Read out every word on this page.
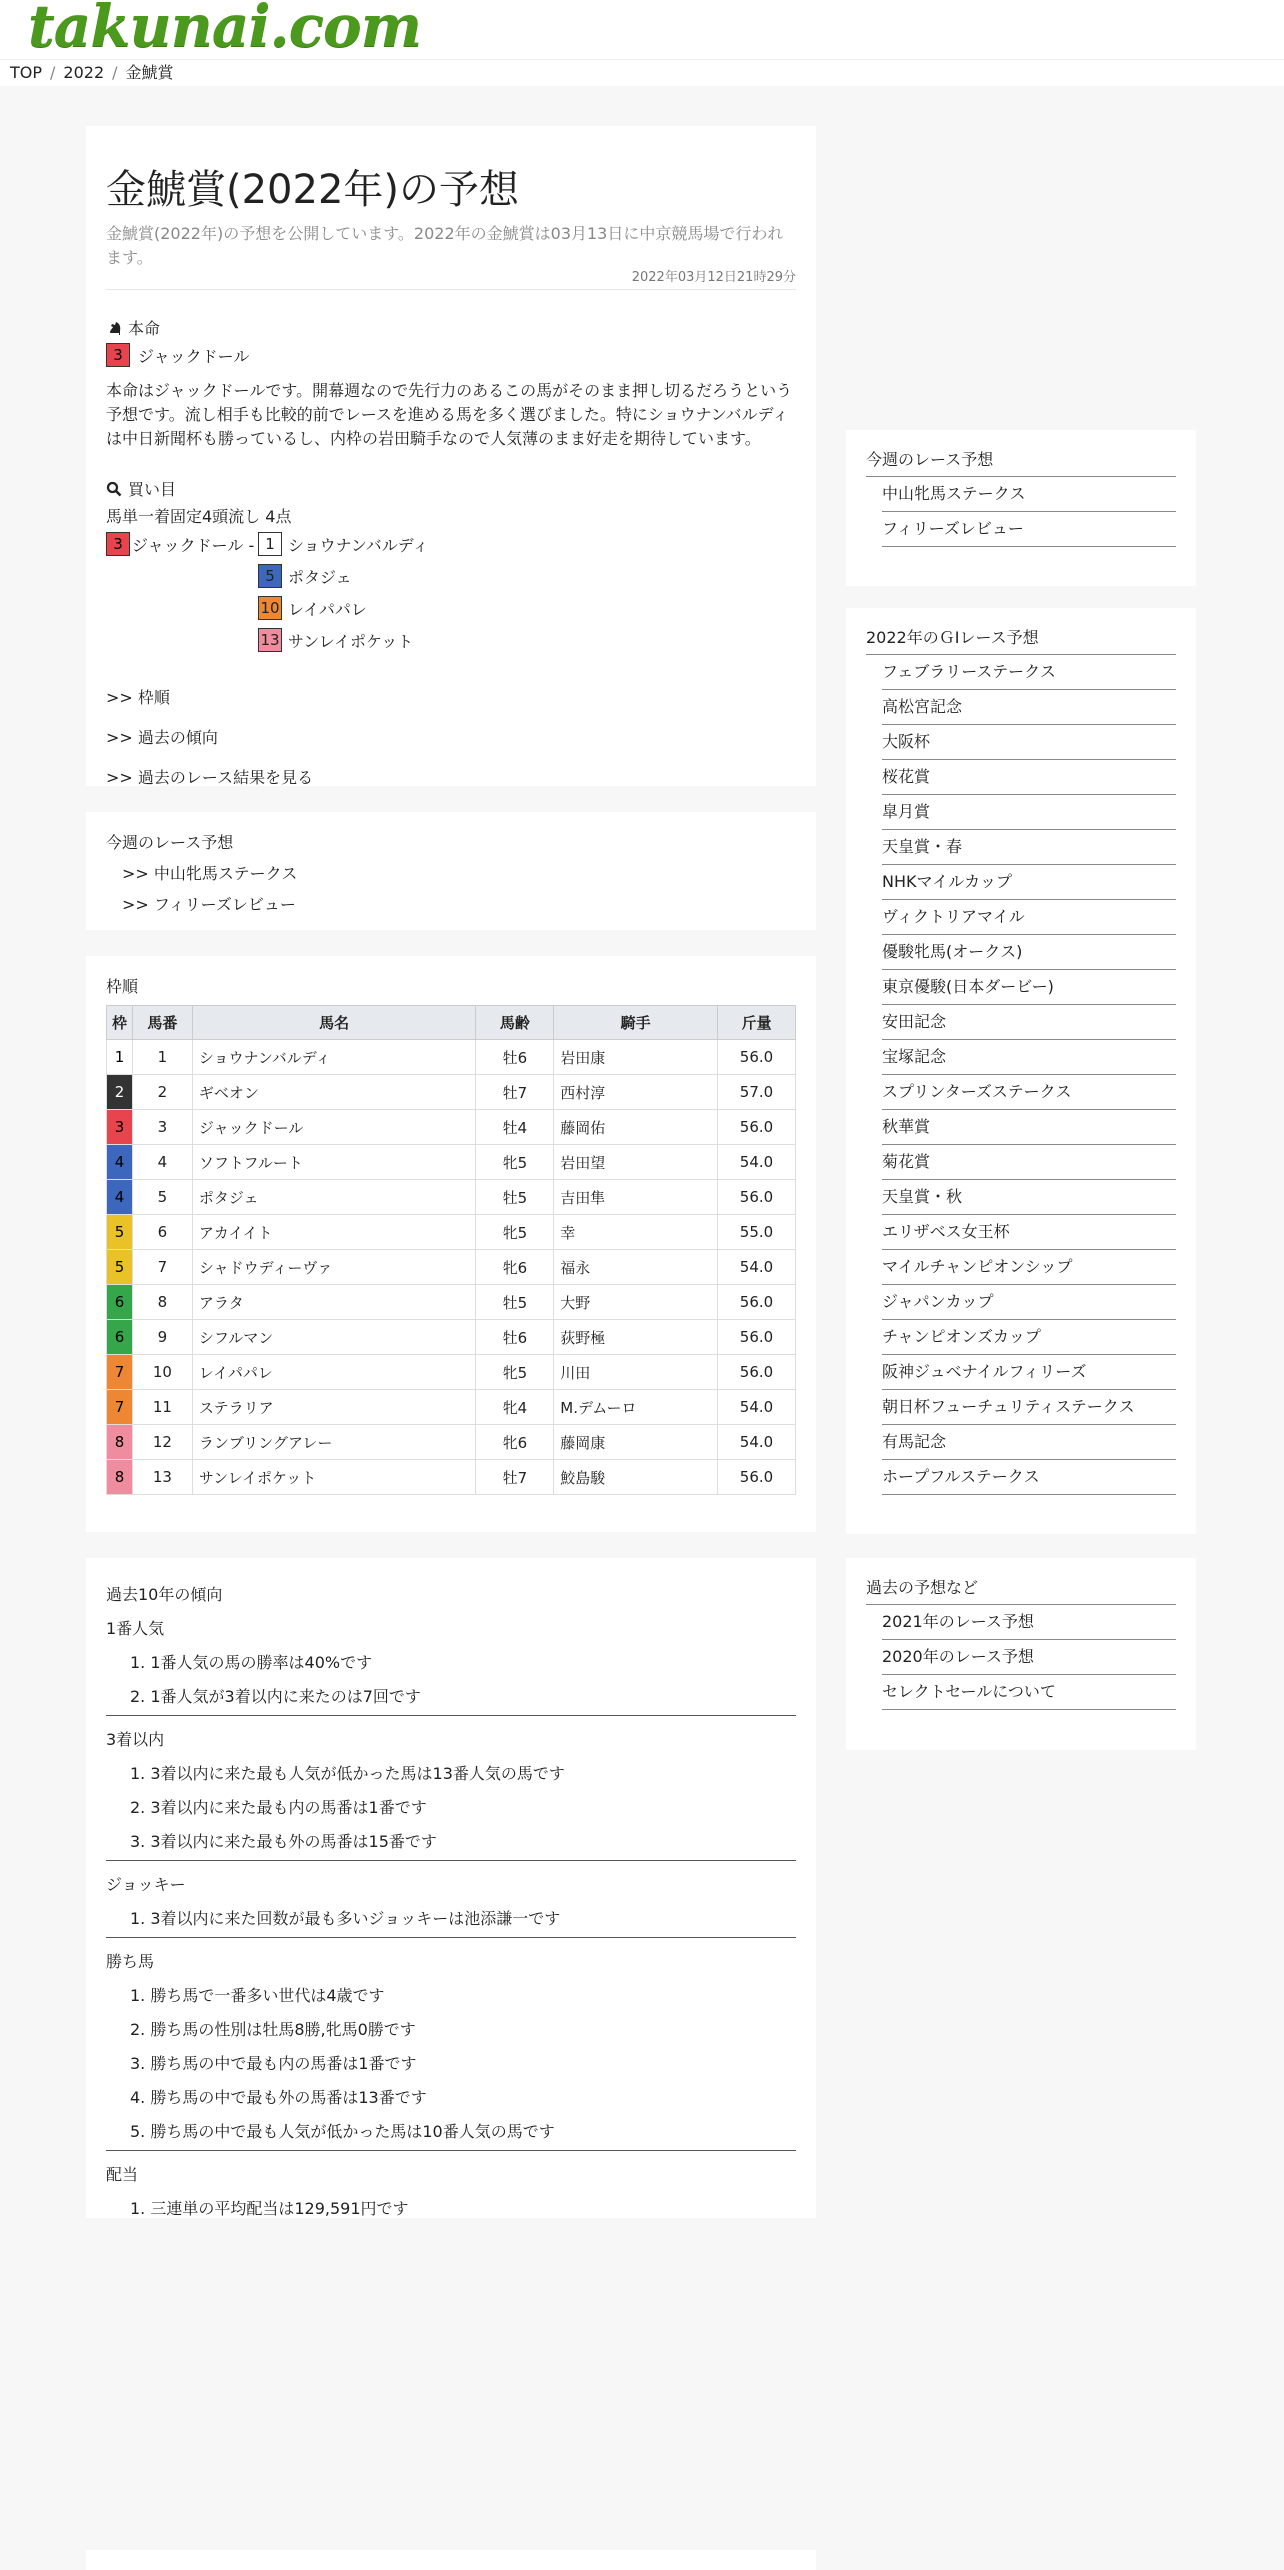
takunai.com
TOP / 2022 / 金鯱賞
金鯱賞(2022年)の予想
金鯱賞(2022年)の予想を公開しています。2022年の金鯱賞は03月13日に中京競馬場で行われます。
2022年03月12日21時29分
本命
3 ジャックドール
本命はジャックドールです。開幕週なので先行力のあるこの馬がそのまま押し切るだろうという予想です。流し相手も比較的前でレースを進める馬を多く選びました。特にショウナンバルディは中日新聞杯も勝っているし、内枠の岩田騎手なので人気薄のまま好走を期待しています。
買い目
馬単一着固定4頭流し 4点
3 ジャックドール - 1 ショウナンバルディ
5 ポタジェ
10 レイパパレ
13 サンレイポケット
>> 枠順
>> 過去の傾向
>> 過去のレース結果を見る
今週のレース予想
>> 中山牝馬ステークス
>> フィリーズレビュー
枠順
枠	馬番	馬名	馬齢	騎手	斤量

1	1	ショウナンバルディ	牡6	岩田康	56.0

2	2	ギベオン	牡7	西村淳	57.0

3	3	ジャックドール	牡4	藤岡佑	56.0

4	4	ソフトフルート	牝5	岩田望	54.0

4	5	ポタジェ	牡5	吉田隼	56.0

5	6	アカイイト	牝5	幸	55.0

5	7	シャドウディーヴァ	牝6	福永	54.0

6	8	アラタ	牡5	大野	56.0

6	9	シフルマン	牡6	荻野極	56.0

7	10	レイパパレ	牝5	川田	56.0

7	11	ステラリア	牝4	M.デムーロ	54.0

8	12	ランブリングアレー	牝6	藤岡康	54.0

8	13	サンレイポケット	牡7	鮫島駿	56.0
過去10年の傾向
1番人気
1. 1番人気の馬の勝率は40%です
2. 1番人気が3着以内に来たのは7回です
3着以内
1. 3着以内に来た最も人気が低かった馬は13番人気の馬です
2. 3着以内に来た最も内の馬番は1番です
3. 3着以内に来た最も外の馬番は15番です
ジョッキー
1. 3着以内に来た回数が最も多いジョッキーは池添謙一です
勝ち馬
1. 勝ち馬で一番多い世代は4歳です
2. 勝ち馬の性別は牡馬8勝,牝馬0勝です
3. 勝ち馬の中で最も内の馬番は1番です
4. 勝ち馬の中で最も外の馬番は13番です
5. 勝ち馬の中で最も人気が低かった馬は10番人気の馬です
配当
1. 三連単の平均配当は129,591円です
今週のレース予想
中山牝馬ステークス
フィリーズレビュー
2022年のＧⅠレース予想
フェブラリーステークス
高松宮記念
大阪杯
桜花賞
皐月賞
天皇賞・春
NHKマイルカップ
ヴィクトリアマイル
優駿牝馬(オークス)
東京優駿(日本ダービー)
安田記念
宝塚記念
スプリンターズステークス
秋華賞
菊花賞
天皇賞・秋
エリザベス女王杯
マイルチャンピオンシップ
ジャパンカップ
チャンピオンズカップ
阪神ジュベナイルフィリーズ
朝日杯フューチュリティステークス
有馬記念
ホープフルステークス
過去の予想など
2021年のレース予想
2020年のレース予想
セレクトセールについて
